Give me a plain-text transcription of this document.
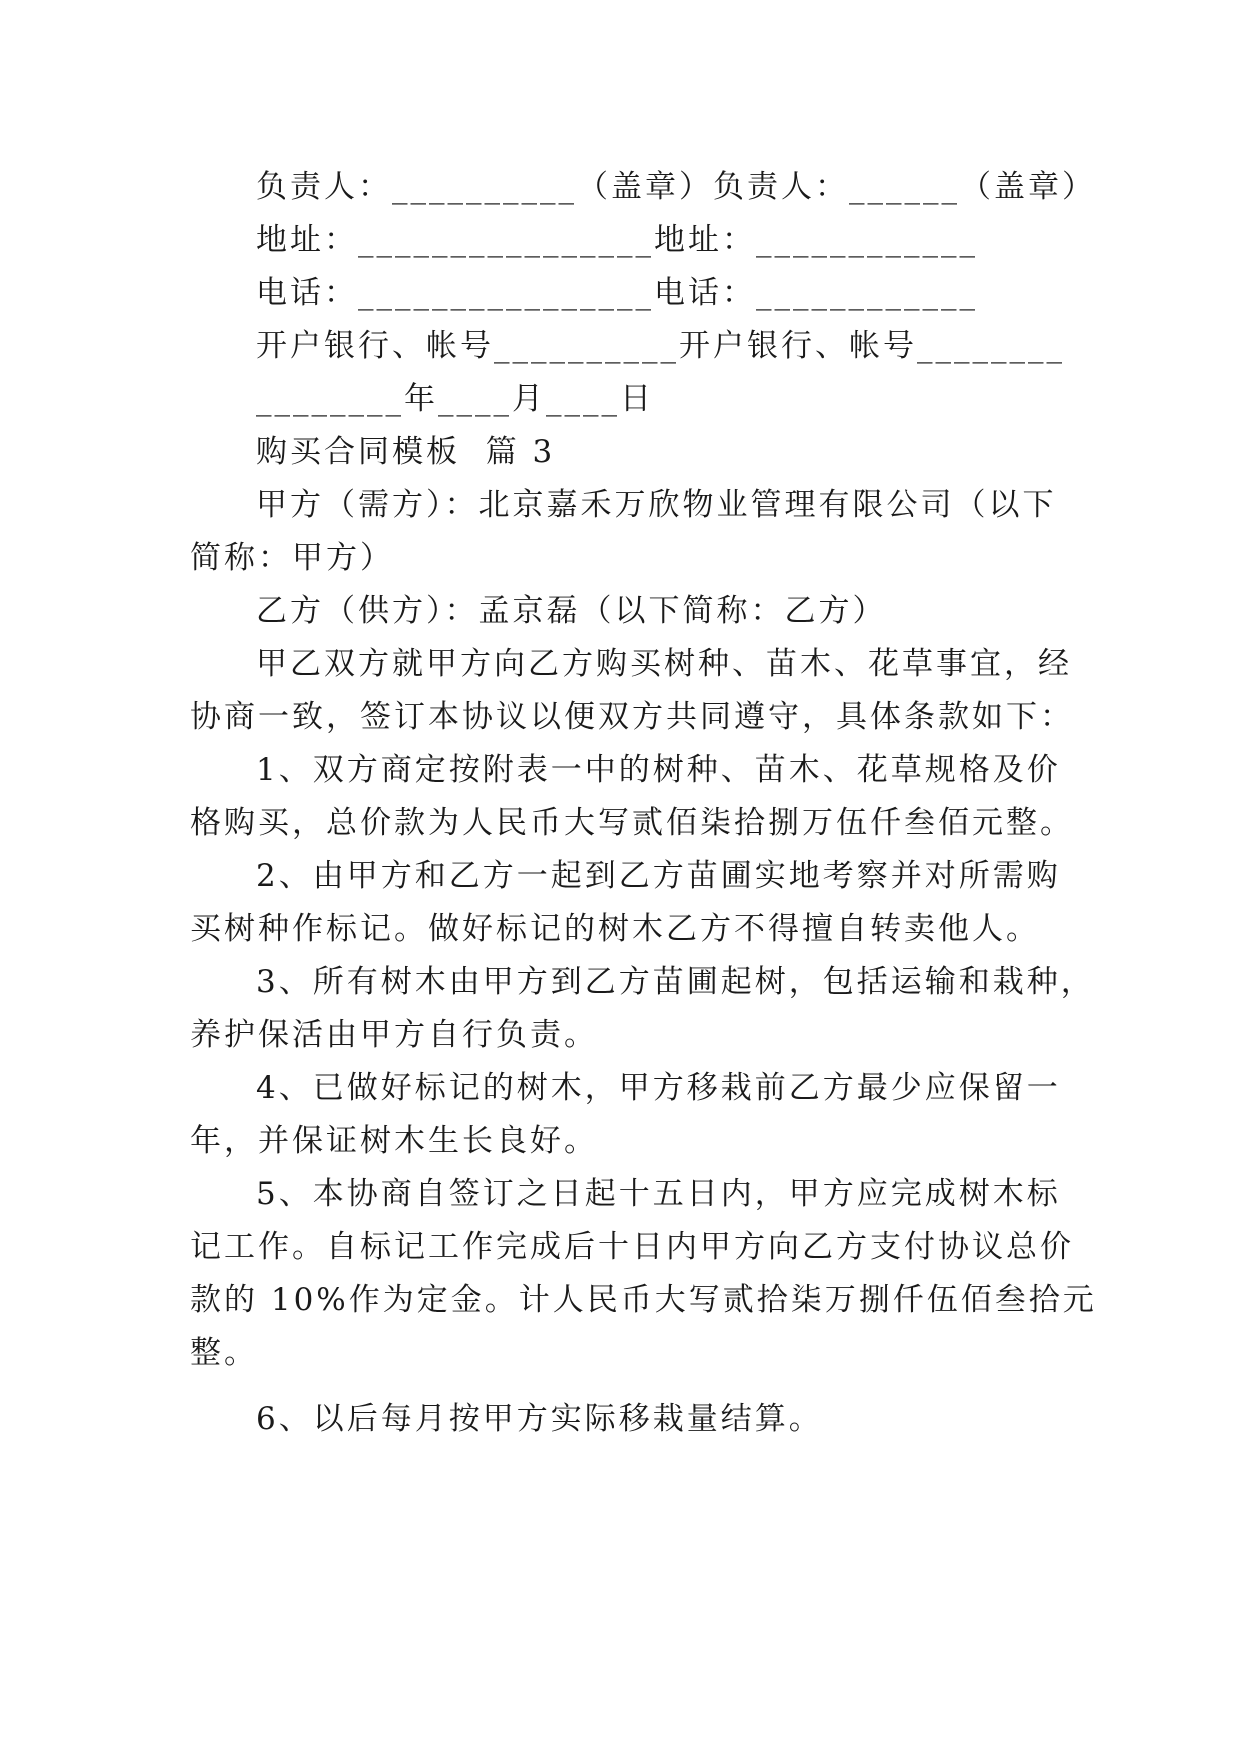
负责人：__________（盖章）负责人：______（盖章）
地址：________________地址：____________
电话：________________电话：____________
开户银行、帐号__________开户银行、帐号________
________年____月____日
购买合同模板  篇 3
甲方（需方）：北京嘉禾万欣物业管理有限公司（以下
简称：甲方）
乙方（供方）：孟京磊（以下简称：乙方）
甲乙双方就甲方向乙方购买树种、苗木、花草事宜，经
协商一致，签订本协议以便双方共同遵守，具体条款如下：
1、双方商定按附表一中的树种、苗木、花草规格及价
格购买，总价款为人民币大写贰佰柒拾捌万伍仟叁佰元整。
2、由甲方和乙方一起到乙方苗圃实地考察并对所需购
买树种作标记。做好标记的树木乙方不得擅自转卖他人。
3、所有树木由甲方到乙方苗圃起树，包括运输和栽种，
养护保活由甲方自行负责。
4、已做好标记的树木，甲方移栽前乙方最少应保留一
年，并保证树木生长良好。
5、本协商自签订之日起十五日内，甲方应完成树木标
记工作。自标记工作完成后十日内甲方向乙方支付协议总价
款的 10%作为定金。计人民币大写贰拾柒万捌仟伍佰叁拾元
整。
6、以后每月按甲方实际移栽量结算。
